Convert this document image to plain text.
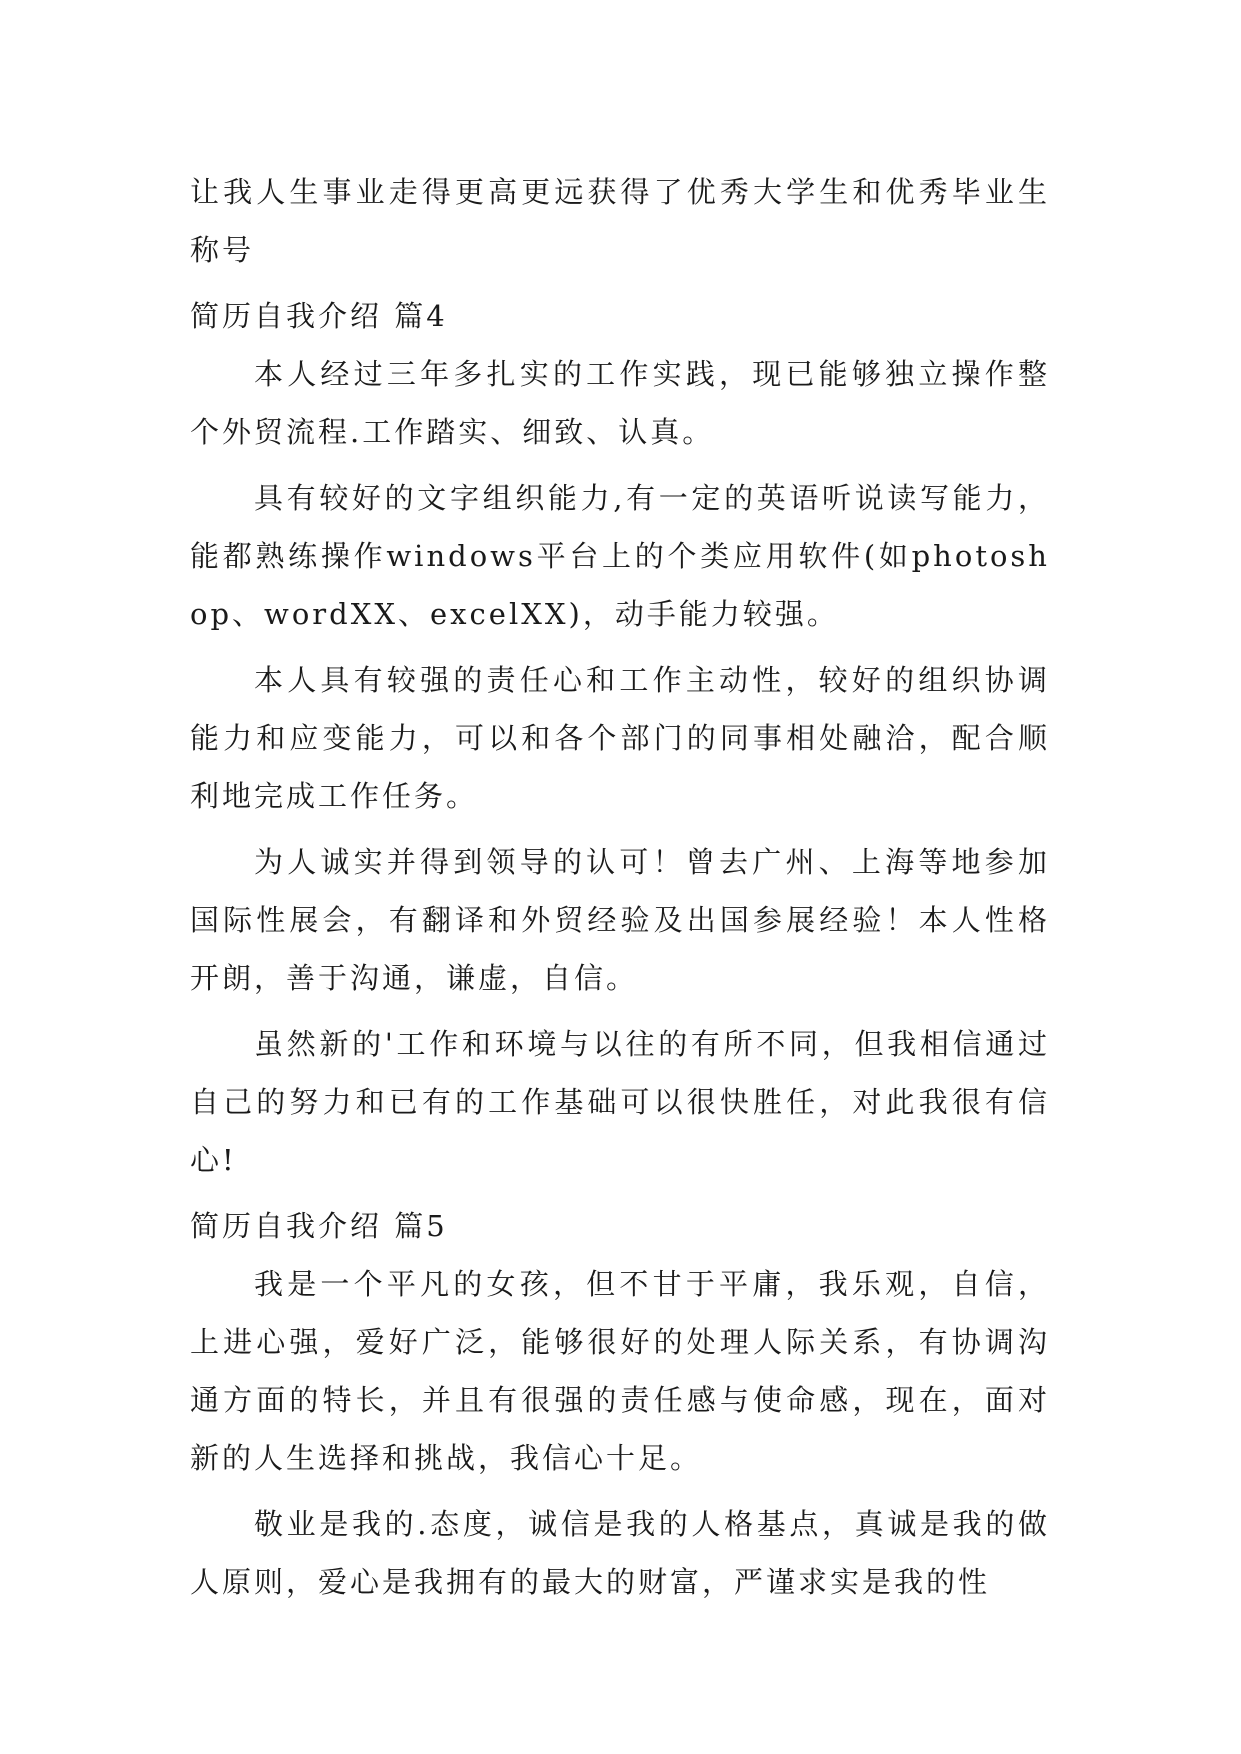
让我人生事业走得更高更远获得了优秀大学生和优秀毕业生称号

简历自我介绍 篇4

本人经过三年多扎实的工作实践，现已能够独立操作整个外贸流程.工作踏实、细致、认真。

具有较好的文字组织能力,有一定的英语听说读写能力，能都熟练操作windows平台上的个类应用软件(如photoshop、wordXX、excelXX)，动手能力较强。

本人具有较强的责任心和工作主动性，较好的组织协调能力和应变能力，可以和各个部门的同事相处融洽，配合顺利地完成工作任务。

为人诚实并得到领导的认可！曾去广州、上海等地参加国际性展会，有翻译和外贸经验及出国参展经验！本人性格开朗，善于沟通，谦虚，自信。

虽然新的'工作和环境与以往的有所不同，但我相信通过自己的努力和已有的工作基础可以很快胜任，对此我很有信心!

简历自我介绍 篇5

我是一个平凡的女孩，但不甘于平庸，我乐观，自信，上进心强，爱好广泛，能够很好的处理人际关系，有协调沟通方面的特长，并且有很强的责任感与使命感，现在，面对新的人生选择和挑战，我信心十足。

敬业是我的.态度，诚信是我的人格基点，真诚是我的做人原则，爱心是我拥有的最大的财富，严谨求实是我的性
